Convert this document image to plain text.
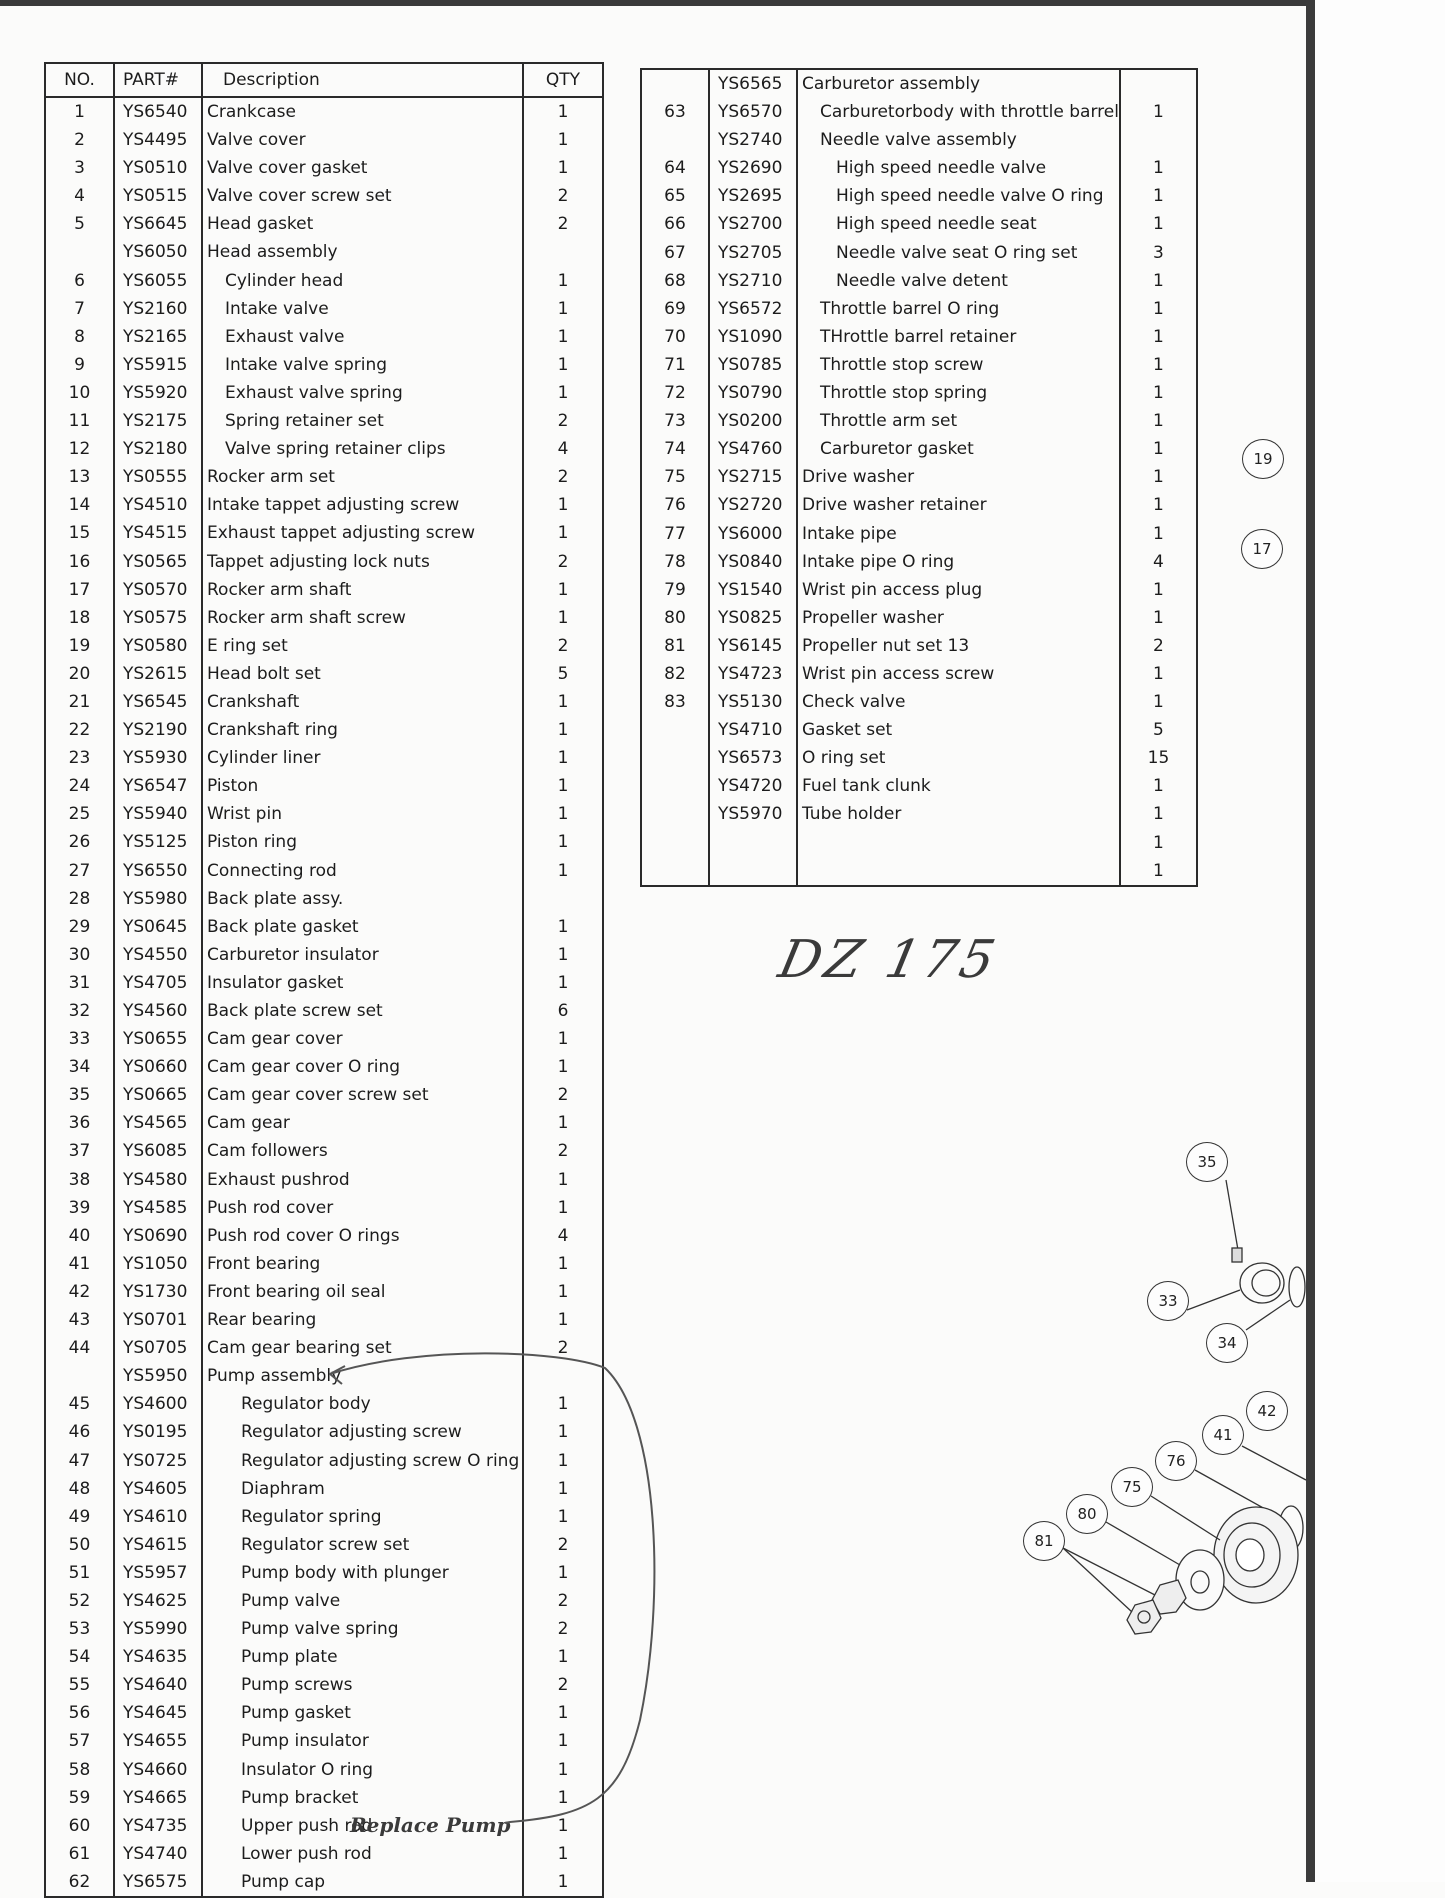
NO.	PART#	Description	QTY
1	YS6540	Crankcase	1
2	YS4495	Valve cover	1
3	YS0510	Valve cover gasket	1
4	YS0515	Valve cover screw set	2
5	YS6645	Head gasket	2
	YS6050	Head assembly	
6	YS6055	Cylinder head	1
7	YS2160	Intake valve	1
8	YS2165	Exhaust valve	1
9	YS5915	Intake valve spring	1
10	YS5920	Exhaust valve spring	1
11	YS2175	Spring retainer set	2
12	YS2180	Valve spring retainer clips	4
13	YS0555	Rocker arm set	2
14	YS4510	Intake tappet adjusting screw	1
15	YS4515	Exhaust tappet adjusting screw	1
16	YS0565	Tappet adjusting lock nuts	2
17	YS0570	Rocker arm shaft	1
18	YS0575	Rocker arm shaft screw	1
19	YS0580	E ring set	2
20	YS2615	Head bolt set	5
21	YS6545	Crankshaft	1
22	YS2190	Crankshaft ring	1
23	YS5930	Cylinder liner	1
24	YS6547	Piston	1
25	YS5940	Wrist pin	1
26	YS5125	Piston ring	1
27	YS6550	Connecting rod	1
28	YS5980	Back plate assy.	
29	YS0645	Back plate gasket	1
30	YS4550	Carburetor insulator	1
31	YS4705	Insulator gasket	1
32	YS4560	Back plate screw set	6
33	YS0655	Cam gear cover	1
34	YS0660	Cam gear cover O ring	1
35	YS0665	Cam gear cover screw set	2
36	YS4565	Cam gear	1
37	YS6085	Cam followers	2
38	YS4580	Exhaust pushrod	1
39	YS4585	Push rod cover	1
40	YS0690	Push rod cover O rings	4
41	YS1050	Front bearing	1
42	YS1730	Front bearing oil seal	1
43	YS0701	Rear bearing	1
44	YS0705	Cam gear bearing set	2
	YS5950	Pump assembly	
45	YS4600	Regulator body	1
46	YS0195	Regulator adjusting screw	1
47	YS0725	Regulator adjusting screw O ring	1
48	YS4605	Diaphram	1
49	YS4610	Regulator spring	1
50	YS4615	Regulator screw set	2
51	YS5957	Pump body with plunger	1
52	YS4625	Pump valve	2
53	YS5990	Pump valve spring	2
54	YS4635	Pump plate	1
55	YS4640	Pump screws	2
56	YS4645	Pump gasket	1
57	YS4655	Pump insulator	1
58	YS4660	Insulator O ring	1
59	YS4665	Pump bracket	1
60	YS4735	Upper push rod	1
61	YS4740	Lower push rod	1
62	YS6575	Pump cap	1
	YS6565	Carburetor assembly	
63	YS6570	Carburetorbody with throttle barrel	1
	YS2740	Needle valve assembly	
64	YS2690	High speed needle valve	1
65	YS2695	High speed needle valve O ring	1
66	YS2700	High speed needle seat	1
67	YS2705	Needle valve seat O ring set	3
68	YS2710	Needle valve detent	1
69	YS6572	Throttle barrel O ring	1
70	YS1090	THrottle barrel retainer	1
71	YS0785	Throttle stop screw	1
72	YS0790	Throttle stop spring	1
73	YS0200	Throttle arm set	1
74	YS4760	Carburetor gasket	1
75	YS2715	Drive washer	1
76	YS2720	Drive washer retainer	1
77	YS6000	Intake pipe	1
78	YS0840	Intake pipe O ring	4
79	YS1540	Wrist pin access plug	1
80	YS0825	Propeller washer	1
81	YS6145	Propeller nut set 13	2
82	YS4723	Wrist pin access screw	1
83	YS5130	Check valve	1
	YS4710	Gasket set	5
	YS6573	O ring set	15
	YS4720	Fuel tank clunk	1
	YS5970	Tube holder	1
			1
			1
DZ 175
Replace Pump
19
17
35
33
34
42
41
76
75
80
81
